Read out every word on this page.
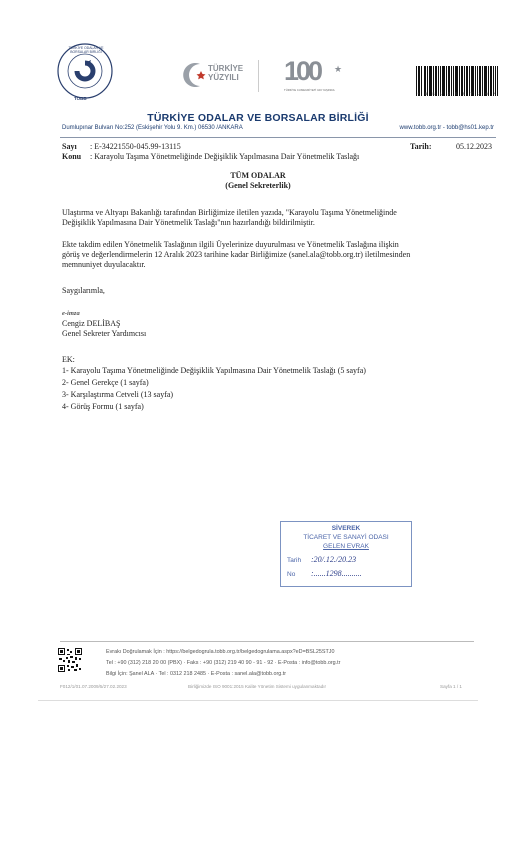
TOBB
TÜRKİYE ODALAR VE BORSALAR BİRLİĞİ
TÜRKİYE
YÜZYILI 100 ★
TÜRKİYE CUMHURİYETİ 100 YAŞINDA
* B S L 2 5 S T J 0 *
TÜRKİYE ODALAR VE BORSALAR BİRLİĞİ
Dumlupınar Bulvarı No:252 (Eskişehir Yolu 9. Km.) 06530 /ANKARA	www.tobb.org.tr - tobb@hs01.kep.tr
Sayı : E-34221550-045.99-13115
Konu : Karayolu Taşıma Yönetmeliğinde Değişiklik Yapılmasına Dair Yönetmelik Taslağı
Tarih:	05.12.2023
TÜM ODALAR
(Genel Sekreterlik)
Ulaştırma ve Altyapı Bakanlığı tarafından Birliğimize iletilen yazıda, "Karayolu Taşıma Yönetmeliğinde
Değişiklik Yapılmasına Dair Yönetmelik Taslağı"nın hazırlandığı bildirilmiştir.
Ekte takdim edilen Yönetmelik Taslağının ilgili Üyelerinize duyurulması ve Yönetmelik Taslağına ilişkin
görüş ve değerlendirmelerin 12 Aralık 2023 tarihine kadar Birliğimize (sanel.ala@tobb.org.tr) iletilmesinden
memnuniyet duyulacaktır.
Saygılarımla,
e-imza
Cengiz DELİBAŞ
Genel Sekreter Yardımcısı
EK:
1- Karayolu Taşıma Yönetmeliğinde Değişiklik Yapılmasına Dair Yönetmelik Taslağı (5 sayfa)
2- Genel Gerekçe (1 sayfa)
3- Karşılaştırma Cetveli (13 sayfa)
4- Görüş Formu (1 sayfa)
SİVEREK
TİCARET VE SANAYİ ODASI
GELEN EVRAK
Tarih :20/.12./20.23
No :......1298..........
Evrakı Doğrulamak İçin : https://belgedogrula.tobb.org.tr/belgedogrulama.aspx?eD=BSL25STJ0
Tel : +90 (312) 218 20 00 (PBX) · Faks : +90 (312) 219 40 90 - 91 - 92 · E-Posta : info@tobb.org.tr
Bilgi İçin: Şanel ALA · Tel : 0312 218 2485 · E-Posta : sanel.ala@tobb.org.tr
F012/1/01.07.2009/5/27.02.2023	Birliğimizde ISO 9001:2015 Kalite Yönetim Sistemi uygulanmaktadır	Sayfa 1 / 1
